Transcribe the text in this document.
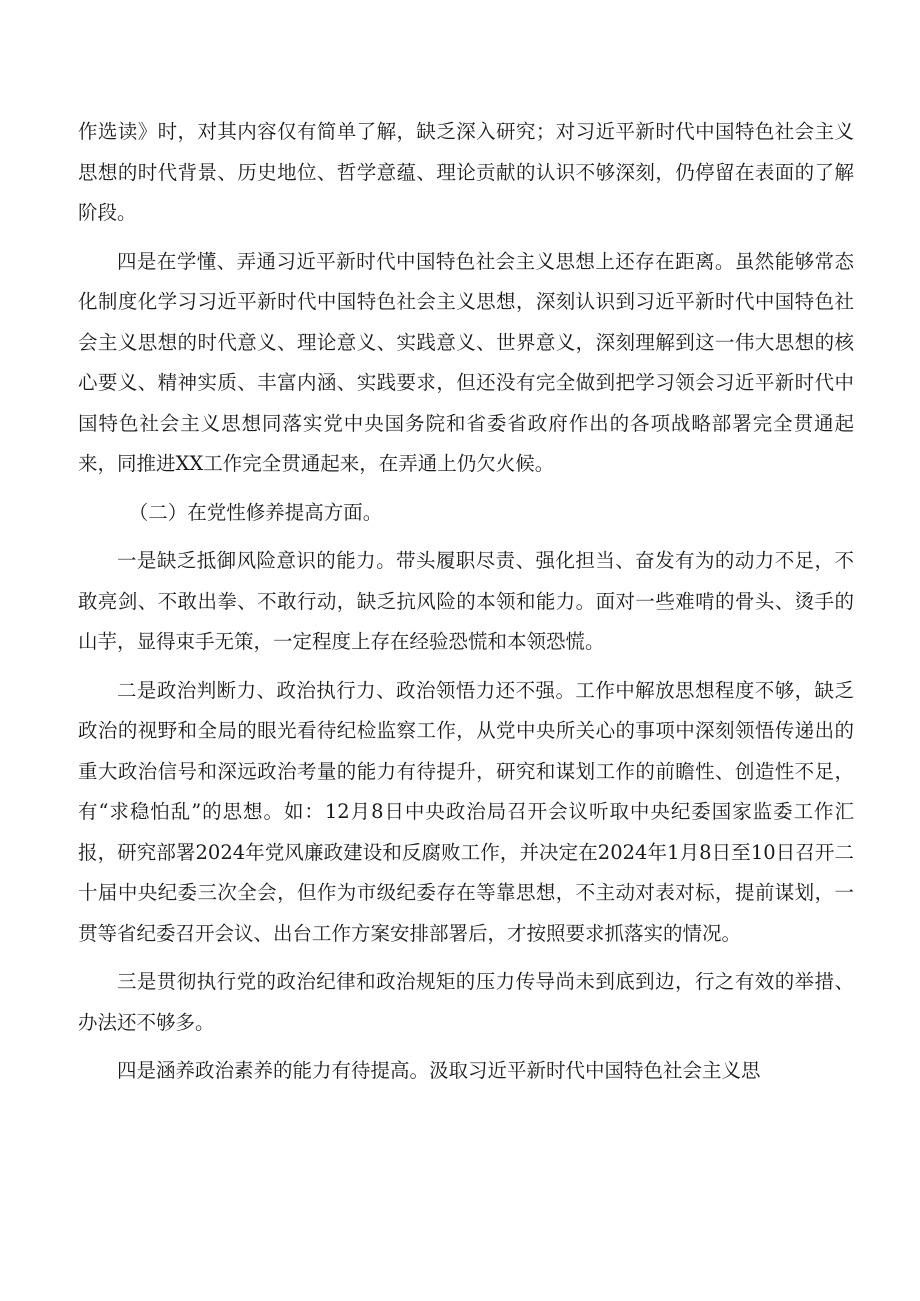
作选读》时，对其内容仅有简单了解，缺乏深入研究；对习近平新时代中国特色社会主义思想的时代背景、历史地位、哲学意蕴、理论贡献的认识不够深刻，仍停留在表面的了解阶段。

四是在学懂、弄通习近平新时代中国特色社会主义思想上还存在距离。虽然能够常态化制度化学习习近平新时代中国特色社会主义思想，深刻认识到习近平新时代中国特色社会主义思想的时代意义、理论意义、实践意义、世界意义，深刻理解到这一伟大思想的核心要义、精神实质、丰富内涵、实践要求，但还没有完全做到把学习领会习近平新时代中国特色社会主义思想同落实党中央国务院和省委省政府作出的各项战略部署完全贯通起来，同推进XX工作完全贯通起来，在弄通上仍欠火候。

（二）在党性修养提高方面。

一是缺乏抵御风险意识的能力。带头履职尽责、强化担当、奋发有为的动力不足，不敢亮剑、不敢出拳、不敢行动，缺乏抗风险的本领和能力。面对一些难啃的骨头、烫手的山芋，显得束手无策，一定程度上存在经验恐慌和本领恐慌。

二是政治判断力、政治执行力、政治领悟力还不强。工作中解放思想程度不够，缺乏政治的视野和全局的眼光看待纪检监察工作，从党中央所关心的事项中深刻领悟传递出的重大政治信号和深远政治考量的能力有待提升，研究和谋划工作的前瞻性、创造性不足，有“求稳怕乱”的思想。如：12月8日中央政治局召开会议听取中央纪委国家监委工作汇报，研究部署2024年党风廉政建设和反腐败工作，并决定在2024年1月8日至10日召开二十届中央纪委三次全会，但作为市级纪委存在等靠思想，不主动对表对标，提前谋划，一贯等省纪委召开会议、出台工作方案安排部署后，才按照要求抓落实的情况。

三是贯彻执行党的政治纪律和政治规矩的压力传导尚未到底到边，行之有效的举措、办法还不够多。

四是涵养政治素养的能力有待提高。汲取习近平新时代中国特色社会主义思
